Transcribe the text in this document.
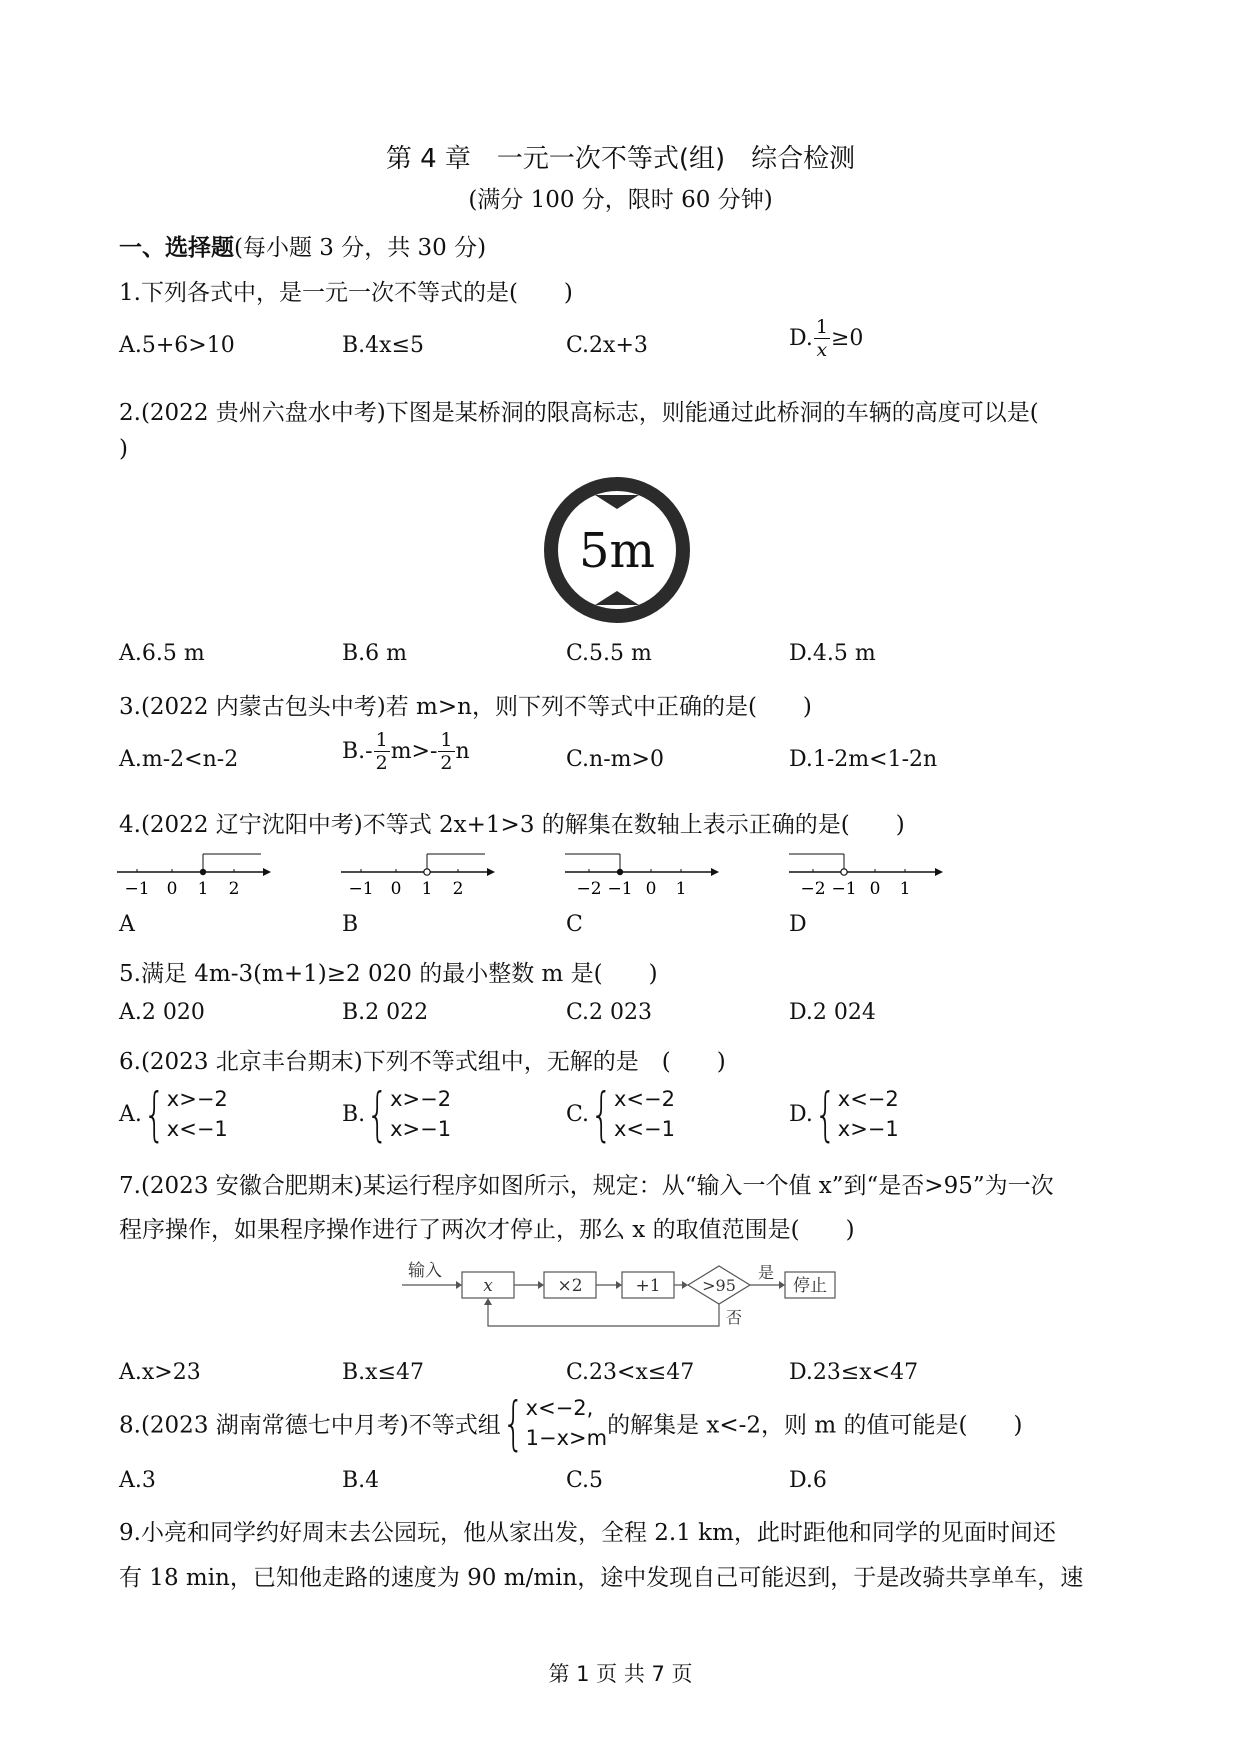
第 4 章　一元一次不等式(组)　综合检测
(满分 100 分，限时 60 分钟)
一、选择题(每小题 3 分，共 30 分)
1.下列各式中，是一元一次不等式的是(　　)
A.5+6>10	B.4x≤5	C.2x+3	D. $\frac{1}{x} \ge 0$
2.(2022 贵州六盘水中考)下图是某桥洞的限高标志，则能通过此桥洞的车辆的高度可以是(
)
5m
A.6.5 m	B.6 m	C.5.5 m	D.4.5 m
3.(2022 内蒙古包头中考)若 m>n，则下列不等式中正确的是(　　)
A.m-2<n-2	$B.- \frac{1}{2} m>- \frac{1}{2}$ n	C.n-m>0	D.1-2m<1-2n
4.(2022 辽宁沈阳中考)不等式 2x+1>3 的解集在数轴上表示正确的是(　　)
−1 0 1 2	−1 0 1 2	−2 −1 0 1	−2 −1 0 1
A	B	C	D
5.满足 4m-3(m+1)≥2 020 的最小整数 m 是(　　)
A.2 020	B.2 022	C.2 023	D.2 024
6.(2023 北京丰台期末)下列不等式组中，无解的是　(　　)
A. { x>−2
x<−1
B. { x>−2
x>−1
C. { x<−2
x<−1
D. { x<−2
x>−1
7.(2023 安徽合肥期末)某运行程序如图所示，规定：从“输入一个值 x”到“是否>95”为一次
程序操作，如果程序操作进行了两次才停止，那么 x 的取值范围是(　　)
输入
x	×2	+1	>95
是
停止
否
A.x>23	B.x≤47	C.23<x≤47	D.23≤x<47
8.(2023 湖南常德七中月考)不等式组 { x<−2,
1−x>m 的解集是 x<-2，则 m 的值可能是(　　)
A.3	B.4	C.5	D.6
9.小亮和同学约好周末去公园玩，他从家出发，全程 2.1 km，此时距他和同学的见面时间还
有 18 min，已知他走路的速度为 90 m/min，途中发现自己可能迟到，于是改骑共享单车，速
第 1 页 共 7 页
